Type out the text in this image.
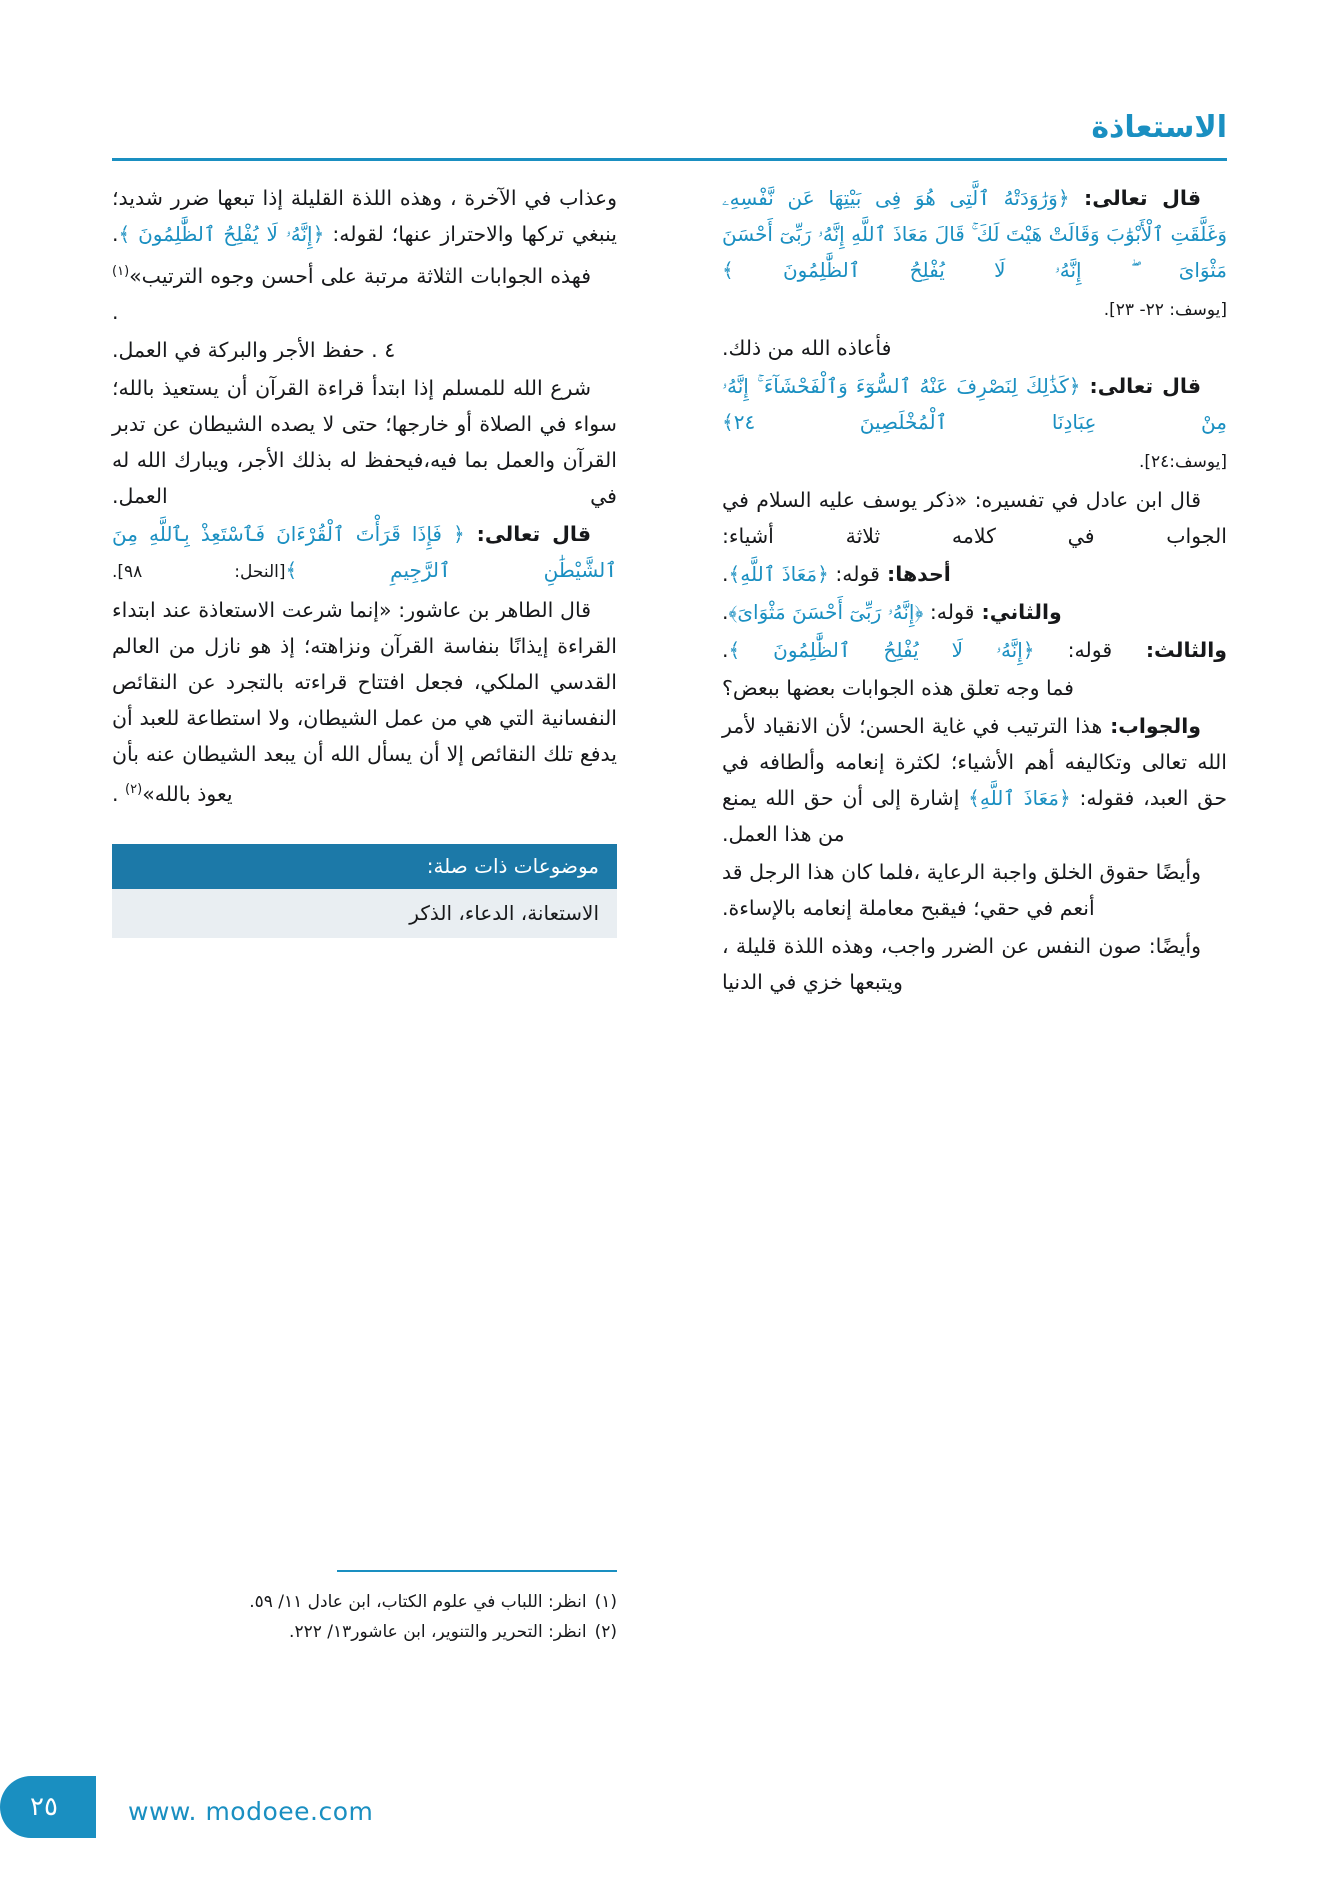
الاستعاذة

قال تعالى: ﴿وَرَٰوَدَتْهُ ٱلَّتِى هُوَ فِى بَيْتِهَا عَن نَّفْسِهِۦ وَغَلَّقَتِ ٱلْأَبْوَٰبَ وَقَالَتْ هَيْتَ لَكَ ۚ قَالَ مَعَاذَ ٱللَّهِ إِنَّهُۥ رَبِّىٓ أَحْسَنَ مَثْوَاىَ ۖ إِنَّهُۥ لَا يُفْلِحُ ٱلظَّٰلِمُونَ ﴾

[يوسف: ٢٢- ٢٣].

فأعاذه الله من ذلك.

قال تعالى: ﴿كَذَٰلِكَ لِنَصْرِفَ عَنْهُ ٱلسُّوٓءَ وَٱلْفَحْشَآءَ ۚ إِنَّهُۥ مِنْ عِبَادِنَا ٱلْمُخْلَصِينَ ٢٤﴾

[يوسف:٢٤].

قال ابن عادل في تفسيره: «ذكر يوسف عليه السلام في الجواب في كلامه ثلاثة أشياء:

أحدها: قوله: ﴿مَعَاذَ ٱللَّهِ﴾.

والثاني: قوله: ﴿إِنَّهُۥ رَبِّىٓ أَحْسَنَ مَثْوَاىَ﴾.

والثالث: قوله: ﴿إِنَّهُۥ لَا يُفْلِحُ ٱلظَّٰلِمُونَ ﴾.

فما وجه تعلق هذه الجوابات بعضها ببعض؟

والجواب: هذا الترتيب في غاية الحسن؛ لأن الانقياد لأمر الله تعالى وتكاليفه أهم الأشياء؛ لكثرة إنعامه وألطافه في حق العبد، فقوله: ﴿مَعَاذَ ٱللَّهِ﴾ إشارة إلى أن حق الله يمنع من هذا العمل.

وأيضًا حقوق الخلق واجبة الرعاية ،فلما كان هذا الرجل قد أنعم في حقي؛ فيقبح معاملة إنعامه بالإساءة.

وأيضًا: صون النفس عن الضرر واجب، وهذه اللذة قليلة ، ويتبعها خزي في الدنيا

وعذاب في الآخرة ، وهذه اللذة القليلة إذا تبعها ضرر شديد؛ ينبغي تركها والاحتراز عنها؛ لقوله: ﴿إِنَّهُۥ لَا يُفْلِحُ ٱلظَّٰلِمُونَ ﴾.

فهذه الجوابات الثلاثة مرتبة على أحسن وجوه الترتيب»$^{(١)}$ .

٤ . حفظ الأجر والبركة في العمل.

شرع الله للمسلم إذا ابتدأ قراءة القرآن أن يستعيذ بالله؛ سواء في الصلاة أو خارجها؛ حتى لا يصده الشيطان عن تدبر القرآن والعمل بما فيه،فيحفظ له بذلك الأجر، ويبارك الله له في العمل.

قال تعالى: ﴿ فَإِذَا قَرَأْتَ ٱلْقُرْءَانَ فَٱسْتَعِذْ بِٱللَّهِ مِنَ ٱلشَّيْطَٰنِ ٱلرَّجِيمِ ﴾[النحل: ٩٨].

قال الطاهر بن عاشور: «إنما شرعت الاستعاذة عند ابتداء القراءة إيذانًا بنفاسة القرآن ونزاهته؛ إذ هو نازل من العالم القدسي الملكي، فجعل افتتاح قراءته بالتجرد عن النقائص النفسانية التي هي من عمل الشيطان، ولا استطاعة للعبد أن يدفع تلك النقائص إلا أن يسأل الله أن يبعد الشيطان عنه بأن يعوذ بالله»$^{(٢)}$ .

موضوعات ذات صلة:
الاستعانة، الدعاء، الذكر
(١)
انظر: اللباب في علوم الكتاب، ابن عادل ١١/ ٥٩.
(٢)
انظر: التحرير والتنوير، ابن عاشور١٣/ ٢٢٢.
٢٥	www. modoee.com
